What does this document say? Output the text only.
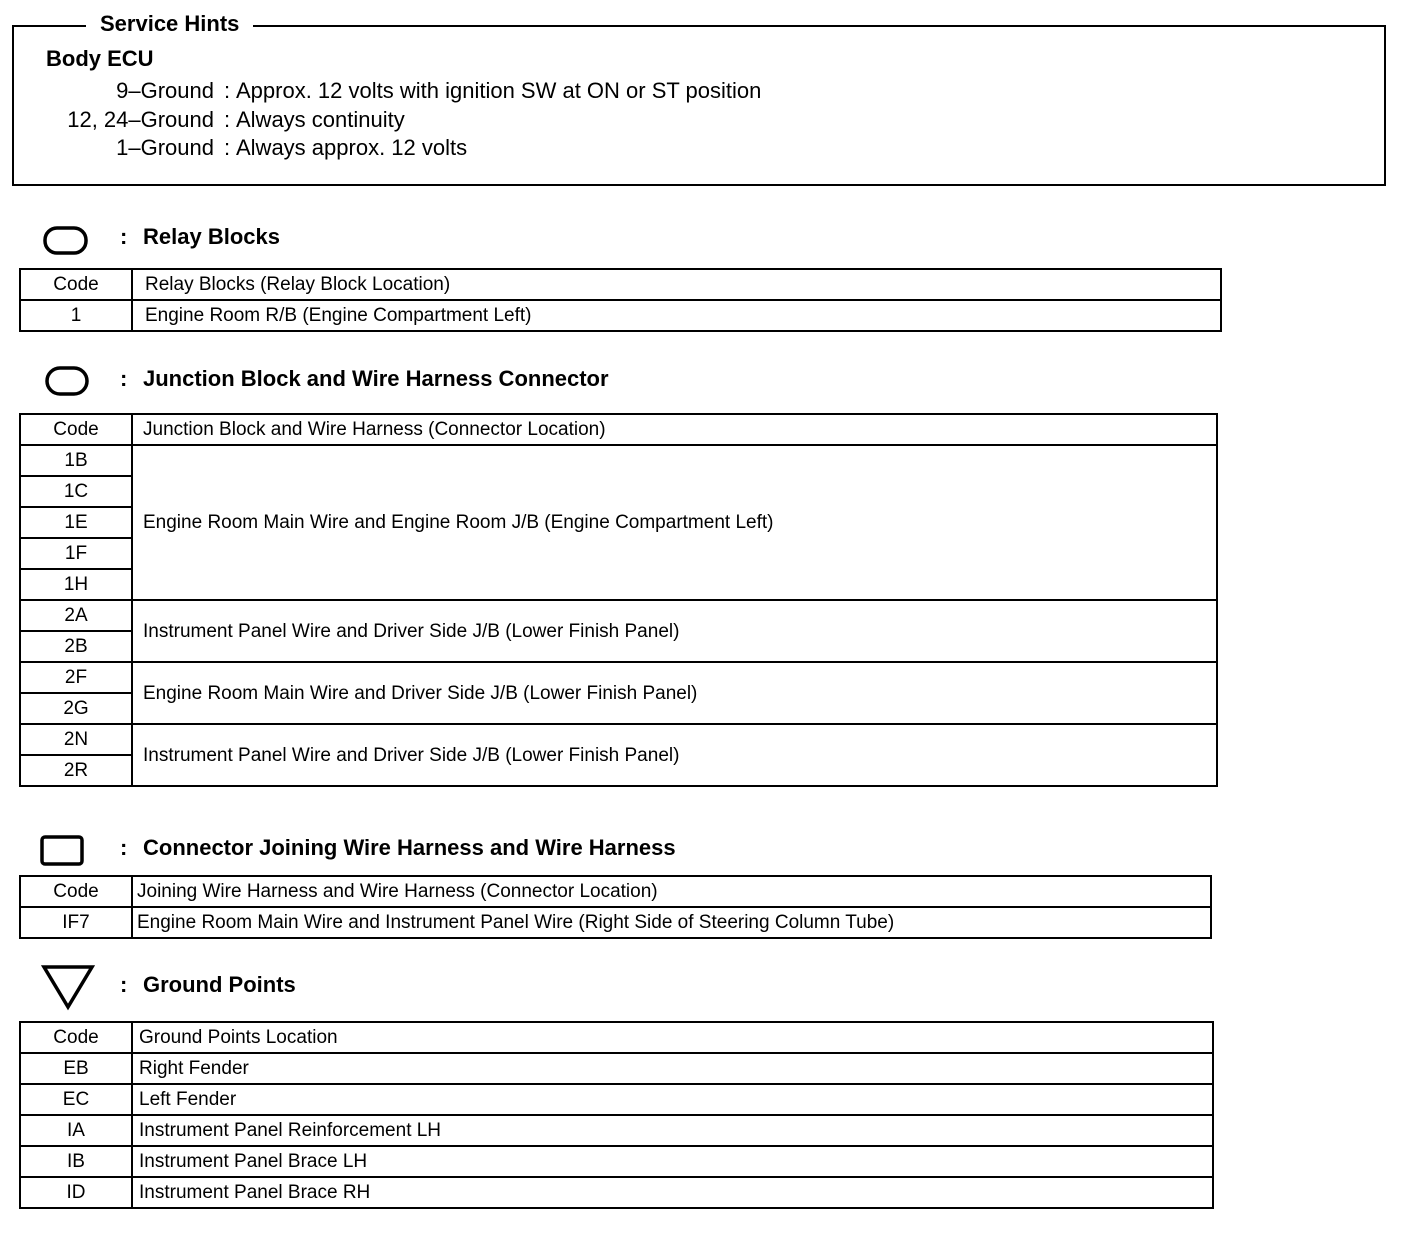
Service Hints
Body ECU
9–Ground : Approx. 12 volts with ignition SW at ON or ST position
12, 24–Ground : Always continuity
1–Ground : Always approx. 12 volts
: Relay Blocks
Code	Relay Blocks (Relay Block Location)
1	Engine Room R/B (Engine Compartment Left)
: Junction Block and Wire Harness Connector
Code	Junction Block and Wire Harness (Connector Location)
1B	Engine Room Main Wire and Engine Room J/B (Engine Compartment Left)
1C	
1E	
1F	
1H	
2A	Instrument Panel Wire and Driver Side J/B (Lower Finish Panel)
2B	
2F	Engine Room Main Wire and Driver Side J/B (Lower Finish Panel)
2G	
2N	Instrument Panel Wire and Driver Side J/B (Lower Finish Panel)
2R	
: Connector Joining Wire Harness and Wire Harness
Code	Joining Wire Harness and Wire Harness (Connector Location)
IF7	Engine Room Main Wire and Instrument Panel Wire (Right Side of Steering Column Tube)
: Ground Points
Code	Ground Points Location
EB	Right Fender
EC	Left Fender
IA	Instrument Panel Reinforcement LH
IB	Instrument Panel Brace LH
ID	Instrument Panel Brace RH
